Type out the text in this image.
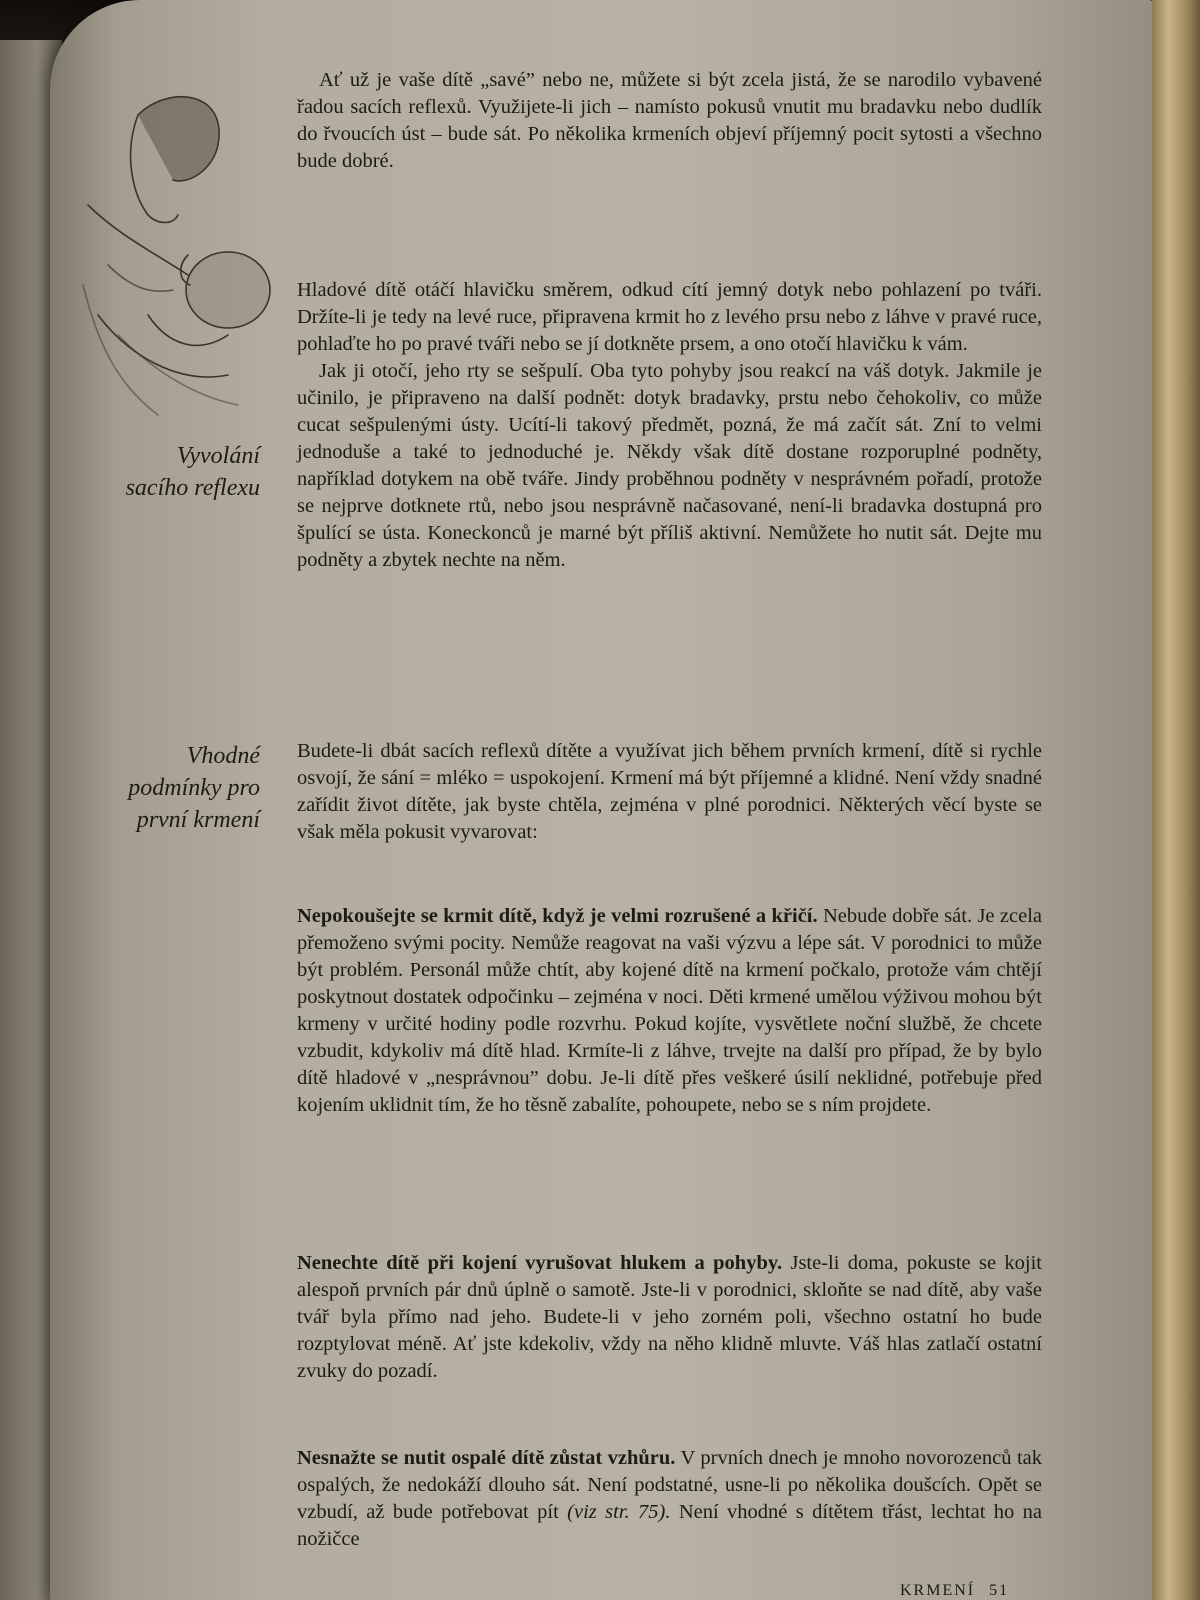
Vyvolání
sacího reflexu
Vhodné
podmínky pro
první krmení

Ať už je vaše dítě „savé” nebo ne, můžete si být zcela jistá, že se narodilo vybavené řadou sacích reflexů. Využijete-li jich – namísto pokusů vnutit mu bradavku nebo dudlík do řvoucích úst – bude sát. Po několika krmeních objeví příjemný pocit sytosti a všechno bude dobré.

Hladové dítě otáčí hlavičku směrem, odkud cítí jemný dotyk nebo pohlazení po tváři. Držíte-li je tedy na levé ruce, připravena krmit ho z levého prsu nebo z láhve v pravé ruce, pohlaďte ho po pravé tváři nebo se jí dotkněte prsem, a ono otočí hlavičku k vám.

Jak ji otočí, jeho rty se sešpulí. Oba tyto pohyby jsou reakcí na váš dotyk. Jakmile je učinilo, je připraveno na další podnět: dotyk bradavky, prstu nebo čehokoliv, co může cucat sešpulenými ústy. Ucítí-li takový předmět, pozná, že má začít sát. Zní to velmi jednoduše a také to jednoduché je. Někdy však dítě dostane rozporuplné podněty, například dotykem na obě tváře. Jindy proběhnou podněty v nesprávném pořadí, protože se nejprve dotknete rtů, nebo jsou nesprávně načasované, není-li bradavka dostupná pro špulící se ústa. Koneckonců je marné být příliš aktivní. Nemůžete ho nutit sát. Dejte mu podněty a zbytek nechte na něm.

Budete-li dbát sacích reflexů dítěte a využívat jich během prvních krmení, dítě si rychle osvojí, že sání = mléko = uspokojení. Krmení má být příjemné a klidné. Není vždy snadné zařídit život dítěte, jak byste chtěla, zejména v plné porodnici. Některých věcí byste se však měla pokusit vyvarovat:

Nepokoušejte se krmit dítě, když je velmi rozrušené a křičí. Nebude dobře sát. Je zcela přemoženo svými pocity. Nemůže reagovat na vaši výzvu a lépe sát. V porodnici to může být problém. Personál může chtít, aby kojené dítě na krmení počkalo, protože vám chtějí poskytnout dostatek odpočinku – zejména v noci. Děti krmené umělou výživou mohou být krmeny v určité hodiny podle rozvrhu. Pokud kojíte, vysvětlete noční službě, že chcete vzbudit, kdykoliv má dítě hlad. Krmíte-li z láhve, trvejte na další pro případ, že by bylo dítě hladové v „nesprávnou” dobu. Je-li dítě přes veškeré úsilí neklidné, potřebuje před kojením uklidnit tím, že ho těsně zabalíte, pohoupete, nebo se s ním projdete.

Nenechte dítě při kojení vyrušovat hlukem a pohyby. Jste-li doma, pokuste se kojit alespoň prvních pár dnů úplně o samotě. Jste-li v porodnici, skloňte se nad dítě, aby vaše tvář byla přímo nad jeho. Budete-li v jeho zorném poli, všechno ostatní ho bude rozptylovat méně. Ať jste kdekoliv, vždy na něho klidně mluvte. Váš hlas zatlačí ostatní zvuky do pozadí.

Nesnažte se nutit ospalé dítě zůstat vzhůru. V prvních dnech je mnoho novorozenců tak ospalých, že nedokáží dlouho sát. Není podstatné, usne-li po několika doušcích. Opět se vzbudí, až bude potřebovat pít (viz str. 75). Není vhodné s dítětem třást, lechtat ho na nožičce

KRMENÍ 51
